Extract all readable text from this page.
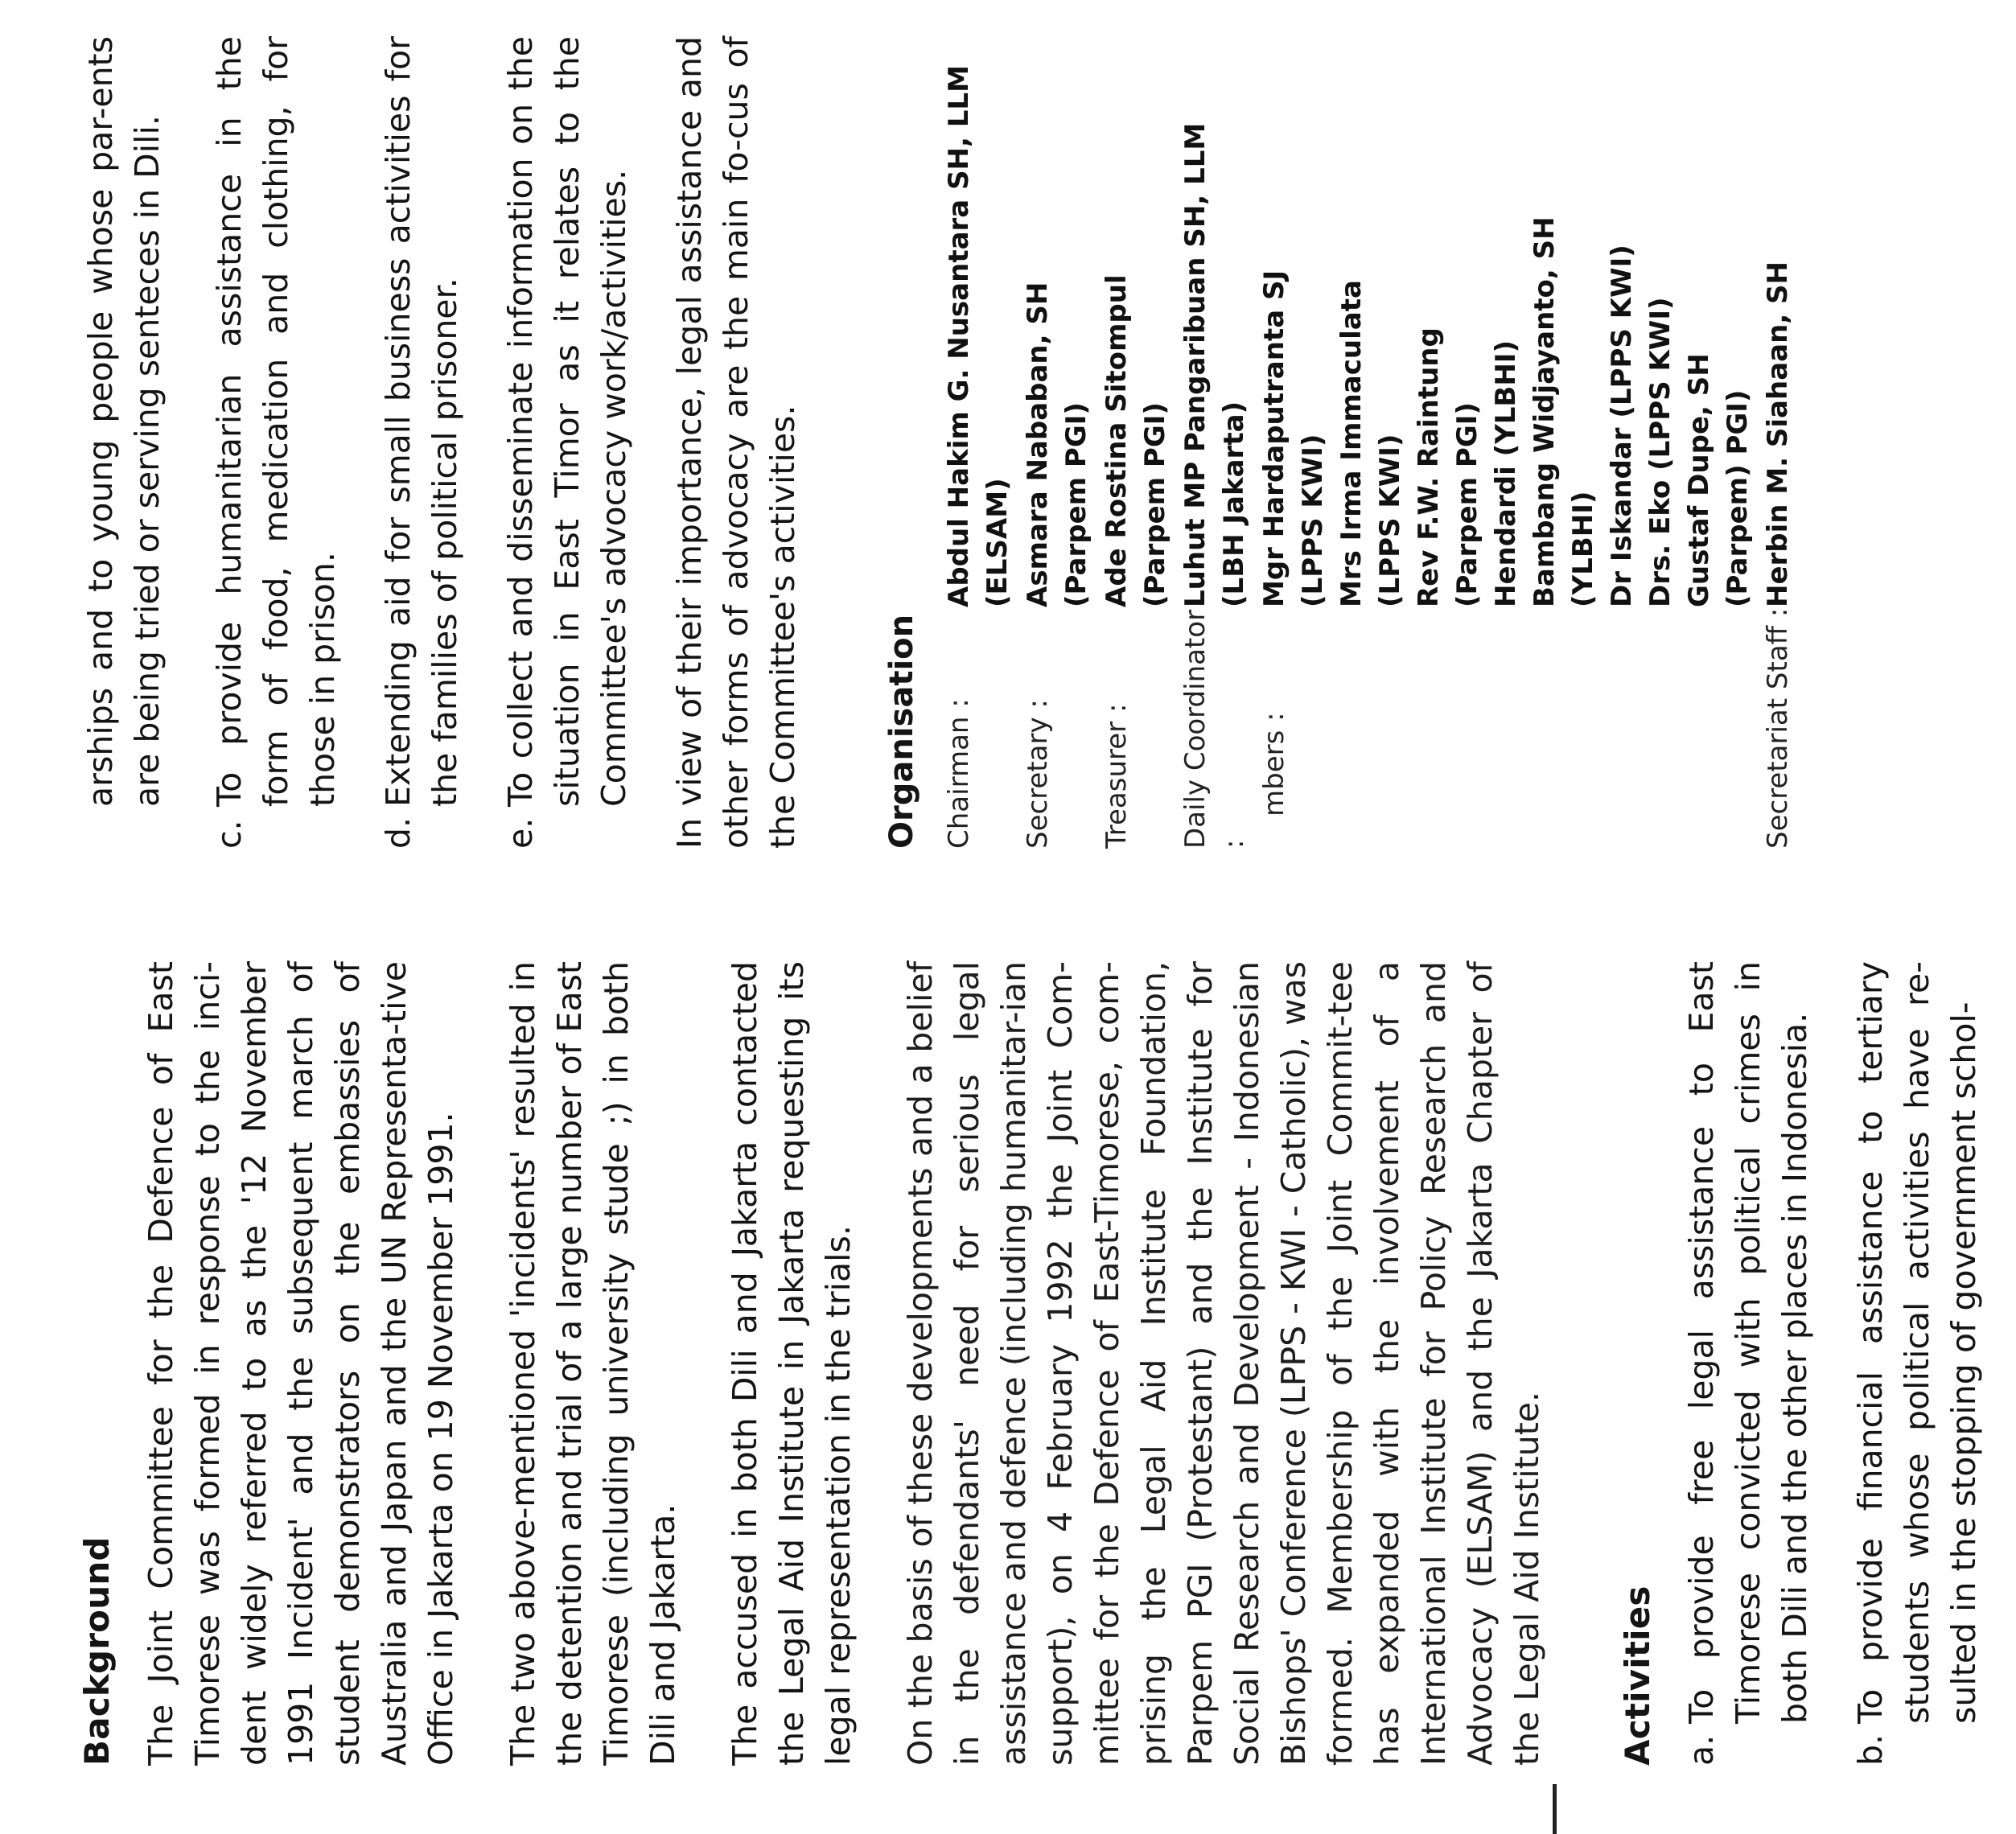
Background The Joint Committee for the Defence of East Timorese was formed in response to the inci-dent widely referred to as the '12 November 1991 Incident' and the subsequent march of student demonstrators on the embassies of Australia and Japan and the UN Representa-tive Office in Jakarta on 19 November 1991. The two above-mentioned 'incidents' resulted in the detention and trial of a large number of East Timorese (including university stude ;) in both Dili and Jakarta. The accused in both Dili and Jakarta contacted the Legal Aid Institute in Jakarta requesting its legal representation in the trials. On the basis of these developments and a belief in the defendants' need for serious legal assistance and defence (including humanitar-ian support), on 4 February 1992 the Joint Com-mittee for the Defence of East-Timorese, com-prising the Legal Aid Institute Foundation, Parpem PGI (Protestant) and the Institute for Social Research and Development - Indonesian Bishops' Conference (LPPS - KWI - Catholic), was formed. Membership of the Joint Commit-tee has expanded with the involvement of a International Institute for Policy Research and Advocacy (ELSAM) and the Jakarta Chapter of the Legal Aid Institute. Activities a.
To provide free legal assistance to East Timorese convicted with political crimes in both Dili and the other places in Indonesia.
b.
To provide financial assistance to tertiary students whose political activities have re-sulted in the stopping of government schol-

arships and to young people whose par-ents are being tried or serving senteces in Dili.

c.
To provide humanitarian assistance in the form of food, medication and clothing, for those in prison.
d.
Extending aid for small business activities for the families of political prisoner.
e.
To collect and disseminate information on the situation in East Timor as it relates to the Committee's advocacy work/activities. In view of their importance, legal assistance and other forms of advocacy are the main fo-cus of the Committee's activities.	Organisation Chairman :
Abdul Hakim G. Nusantara SH, LLM (ELSAM)
Secretary :
Asmara Nababan, SH (Parpem PGI)
Treasurer :
Ade Rostina Sitompul (Parpem PGI)
Daily Coordinator :
Luhut MP Pangaribuan SH, LLM (LBH Jakarta)
mbers :
Mgr Hardaputranta SJ (LPPS KWI) Mrs Irma Immaculata (LPPS KWI) Rev F.W. Raintung (Parpem PGI) Hendardi (YLBHI) Bambang Widjayanto, SH (YLBHI) Dr Iskandar (LPPS KWI) Drs. Eko (LPPS KWI) Gustaf Dupe, SH (Parpem) PGI)
Secretariat Staff :
Herbin M. Siahaan, SH
